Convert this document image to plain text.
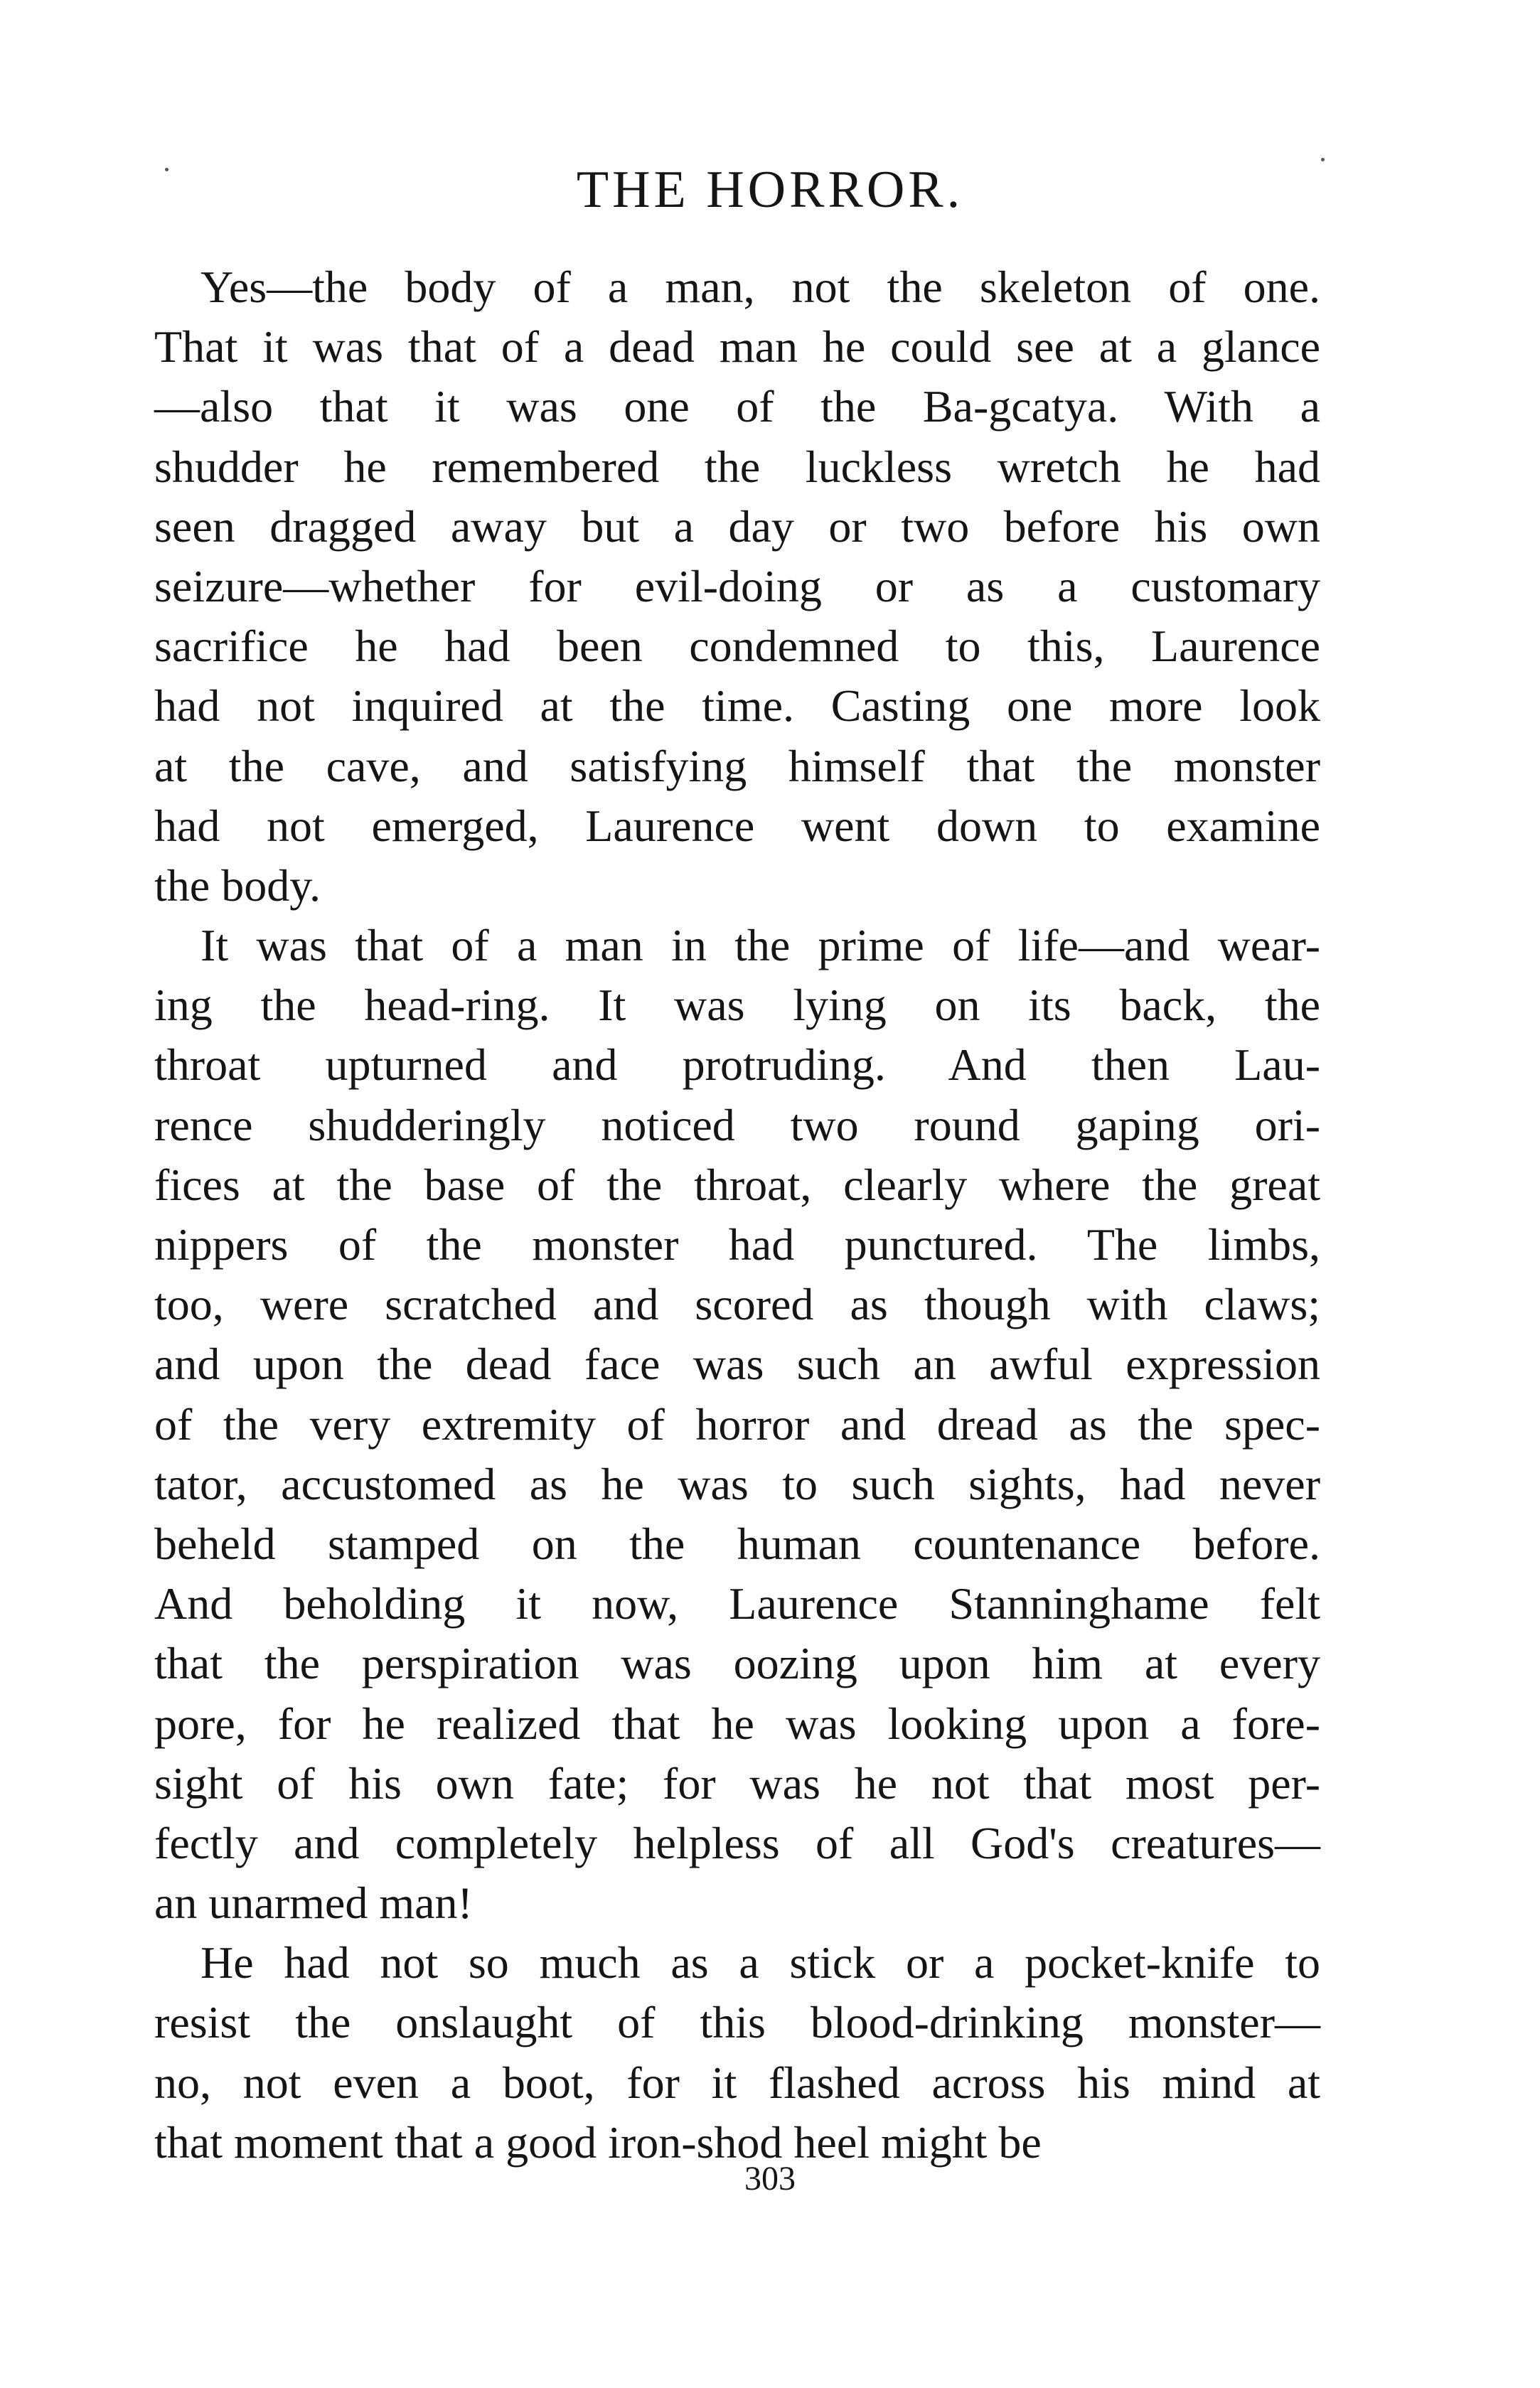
THE HORROR.
Yes—the body of a man, not the skeleton of one.
That it was that of a dead man he could see at a glance
—also that it was one of the Ba-gcatya. With a
shudder he remembered the luckless wretch he had
seen dragged away but a day or two before his own
seizure—whether for evil-doing or as a customary
sacrifice he had been condemned to this, Laurence
had not inquired at the time. Casting one more look
at the cave, and satisfying himself that the monster
had not emerged, Laurence went down to examine
the body.
It was that of a man in the prime of life—and wear-
ing the head-ring. It was lying on its back, the
throat upturned and protruding. And then Lau-
rence shudderingly noticed two round gaping ori-
fices at the base of the throat, clearly where the great
nippers of the monster had punctured. The limbs,
too, were scratched and scored as though with claws;
and upon the dead face was such an awful expression
of the very extremity of horror and dread as the spec-
tator, accustomed as he was to such sights, had never
beheld stamped on the human countenance before.
And beholding it now, Laurence Stanninghame felt
that the perspiration was oozing upon him at every
pore, for he realized that he was looking upon a fore-
sight of his own fate; for was he not that most per-
fectly and completely helpless of all God's creatures—
an unarmed man!
He had not so much as a stick or a pocket-knife to
resist the onslaught of this blood-drinking monster—
no, not even a boot, for it flashed across his mind at
that moment that a good iron-shod heel might be
303
